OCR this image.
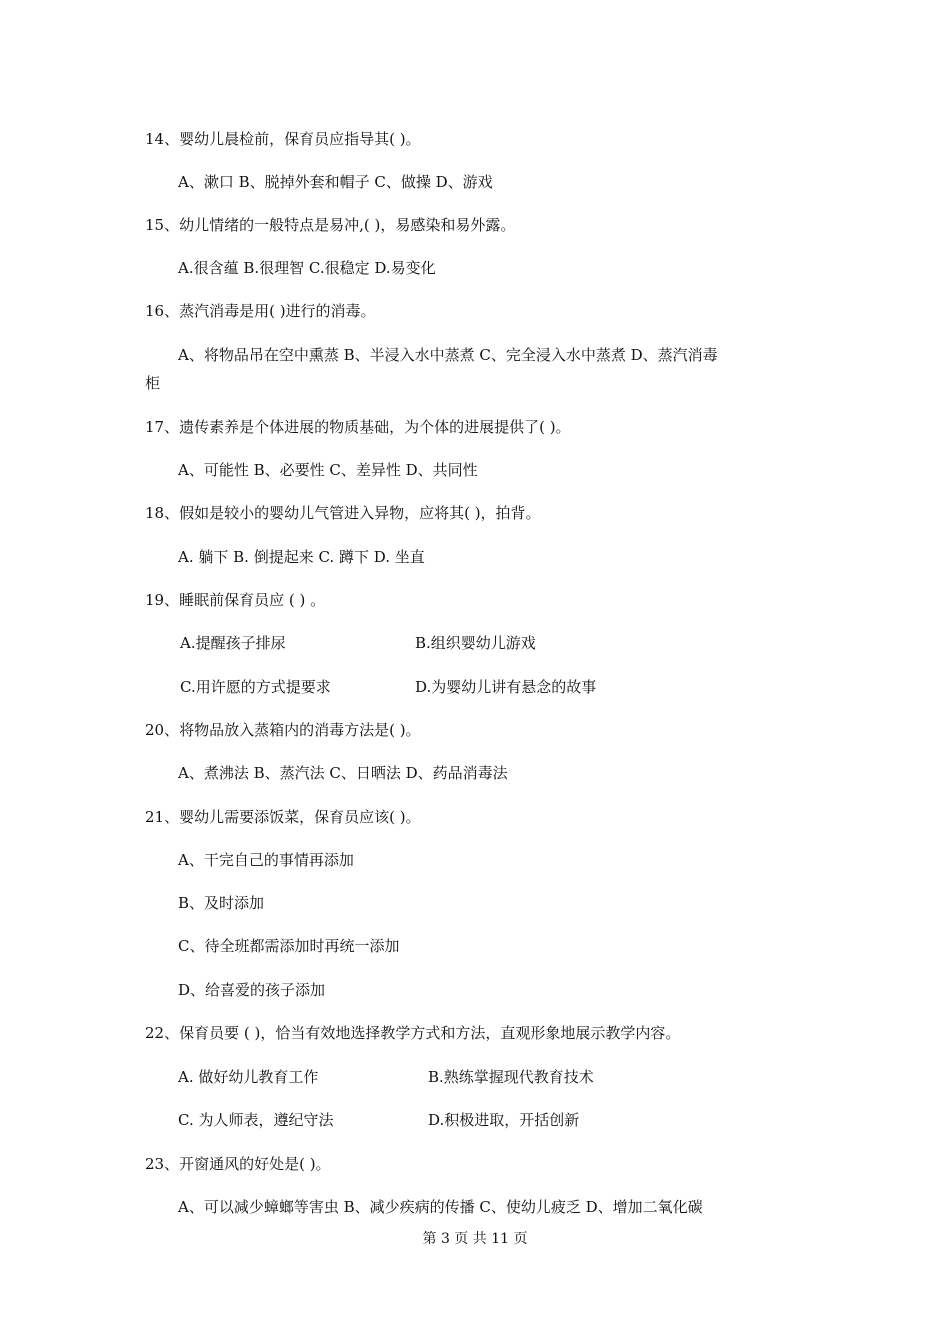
14、婴幼儿晨检前，保育员应指导其( )。
A、漱口 B、脱掉外套和帽子 C、做操 D、游戏
15、幼儿情绪的一般特点是易冲,( )，易感染和易外露。
A.很含蕴 B.很理智 C.很稳定 D.易变化
16、蒸汽消毒是用( )进行的消毒。
A、将物品吊在空中熏蒸 B、半浸入水中蒸煮 C、完全浸入水中蒸煮 D、蒸汽消毒
柜
17、遗传素养是个体进展的物质基础，为个体的进展提供了( )。
A、可能性 B、必要性 C、差异性 D、共同性
18、假如是较小的婴幼儿气管进入异物，应将其( )，拍背。
A. 躺下 B. 倒提起来 C. 蹲下 D. 坐直
19、睡眠前保育员应 ( ) 。
A.提醒孩子排尿	B.组织婴幼儿游戏
C.用许愿的方式提要求	D.为婴幼儿讲有悬念的故事
20、将物品放入蒸箱内的消毒方法是( )。
A、煮沸法 B、蒸汽法 C、日晒法 D、药品消毒法
21、婴幼儿需要添饭菜，保育员应该( )。
A、干完自己的事情再添加
B、及时添加
C、待全班都需添加时再统一添加
D、给喜爱的孩子添加
22、保育员要 ( )，恰当有效地选择教学方式和方法，直观形象地展示教学内容。
A. 做好幼儿教育工作	B.熟练掌握现代教育技术
C. 为人师表，遵纪守法	D.积极进取，开括创新
23、开窗通风的好处是( )。
A、可以减少蟑螂等害虫 B、减少疾病的传播 C、使幼儿疲乏 D、增加二氧化碳
第 3 页 共 11 页
